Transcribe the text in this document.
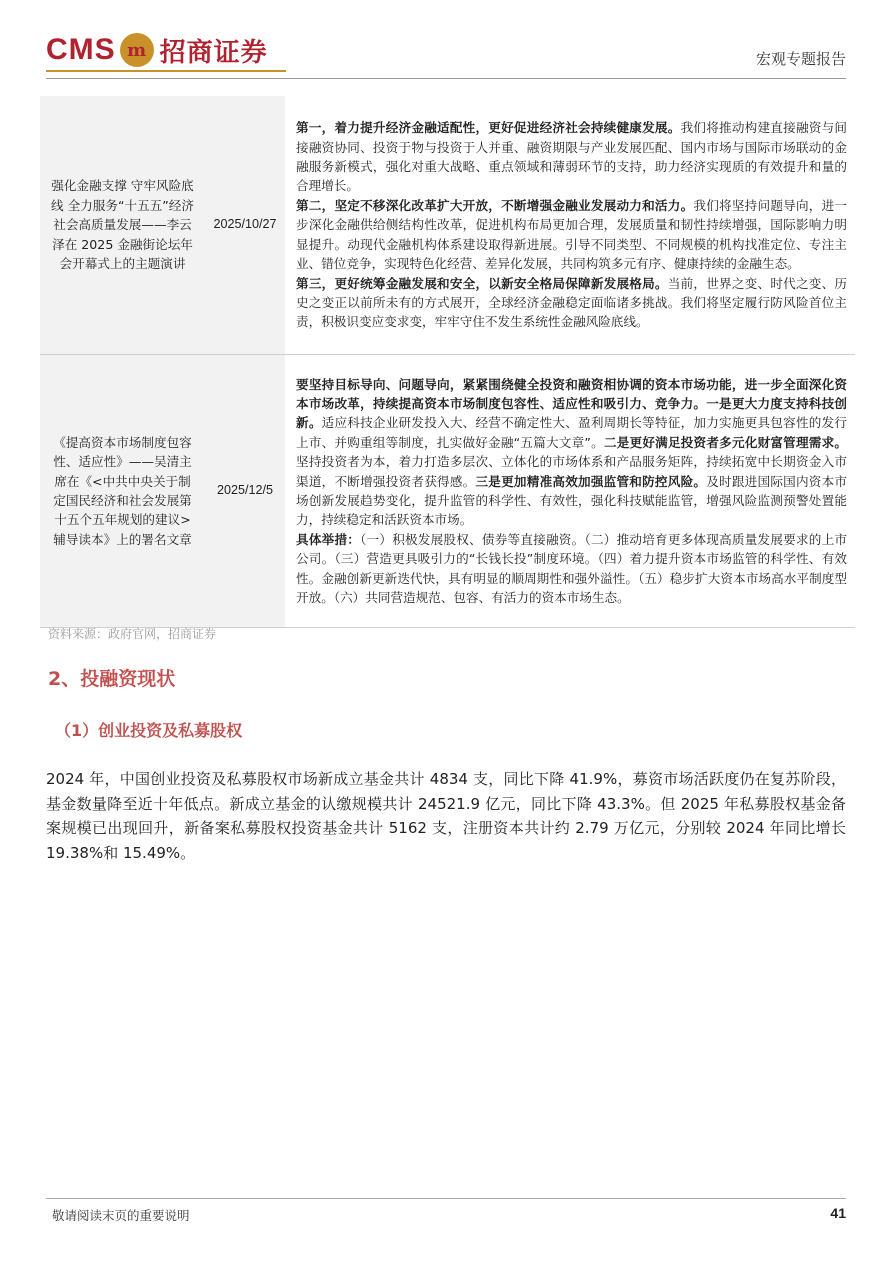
CMS m 招商证券	宏观专题报告
强化金融支撑 守牢风险底线 全力服务“十五五”经济社会高质量发展——李云泽在 2025 金融街论坛年会开幕式上的主题演讲	2025/10/27	第一，着力提升经济金融适配性，更好促进经济社会持续健康发展。我们将推动构建直接融资与间接融资协同、投资于物与投资于人并重、融资期限与产业发展匹配、国内市场与国际市场联动的金融服务新模式，强化对重大战略、重点领域和薄弱环节的支持，助力经济实现质的有效提升和量的合理增长。
第二，坚定不移深化改革扩大开放，不断增强金融业发展动力和活力。我们将坚持问题导向，进一步深化金融供给侧结构性改革，促进机构布局更加合理，发展质量和韧性持续增强，国际影响力明显提升。动现代金融机构体系建设取得新进展。引导不同类型、不同规模的机构找准定位、专注主业、错位竞争，实现特色化经营、差异化发展，共同构筑多元有序、健康持续的金融生态。
第三，更好统筹金融发展和安全，以新安全格局保障新发展格局。当前，世界之变、时代之变、历史之变正以前所未有的方式展开，全球经济金融稳定面临诸多挑战。我们将坚定履行防风险首位主责，积极识变应变求变，牢牢守住不发生系统性金融风险底线。
《提高资本市场制度包容性、适应性》——吴清主席在《<中共中央关于制定国民经济和社会发展第十五个五年规划的建议>辅导读本》上的署名文章	2025/12/5	要坚持目标导向、问题导向，紧紧围绕健全投资和融资相协调的资本市场功能，进一步全面深化资本市场改革，持续提高资本市场制度包容性、适应性和吸引力、竞争力。一是更大力度支持科技创新。适应科技企业研发投入大、经营不确定性大、盈利周期长等特征，加力实施更具包容性的发行上市、并购重组等制度，扎实做好金融“五篇大文章”。二是更好满足投资者多元化财富管理需求。坚持投资者为本，着力打造多层次、立体化的市场体系和产品服务矩阵，持续拓宽中长期资金入市渠道，不断增强投资者获得感。三是更加精准高效加强监管和防控风险。及时跟进国际国内资本市场创新发展趋势变化，提升监管的科学性、有效性，强化科技赋能监管，增强风险监测预警处置能力，持续稳定和活跃资本市场。
具体举措：（一）积极发展股权、债券等直接融资。（二）推动培育更多体现高质量发展要求的上市公司。（三）营造更具吸引力的“长钱长投”制度环境。（四）着力提升资本市场监管的科学性、有效性。金融创新更新迭代快，具有明显的顺周期性和强外溢性。（五）稳步扩大资本市场高水平制度型开放。（六）共同营造规范、包容、有活力的资本市场生态。
资料来源：政府官网，招商证券
2、投融资现状
（1）创业投资及私募股权
2024 年，中国创业投资及私募股权市场新成立基金共计 4834 支，同比下降 41.9%，募资市场活跃度仍在复苏阶段，基金数量降至近十年低点。新成立基金的认缴规模共计 24521.9 亿元，同比下降 43.3%。但 2025 年私募股权基金备案规模已出现回升，新备案私募股权投资基金共计 5162 支，注册资本共计约 2.79 万亿元，分别较 2024 年同比增长 19.38%和 15.49%。
敬请阅读末页的重要说明	41
